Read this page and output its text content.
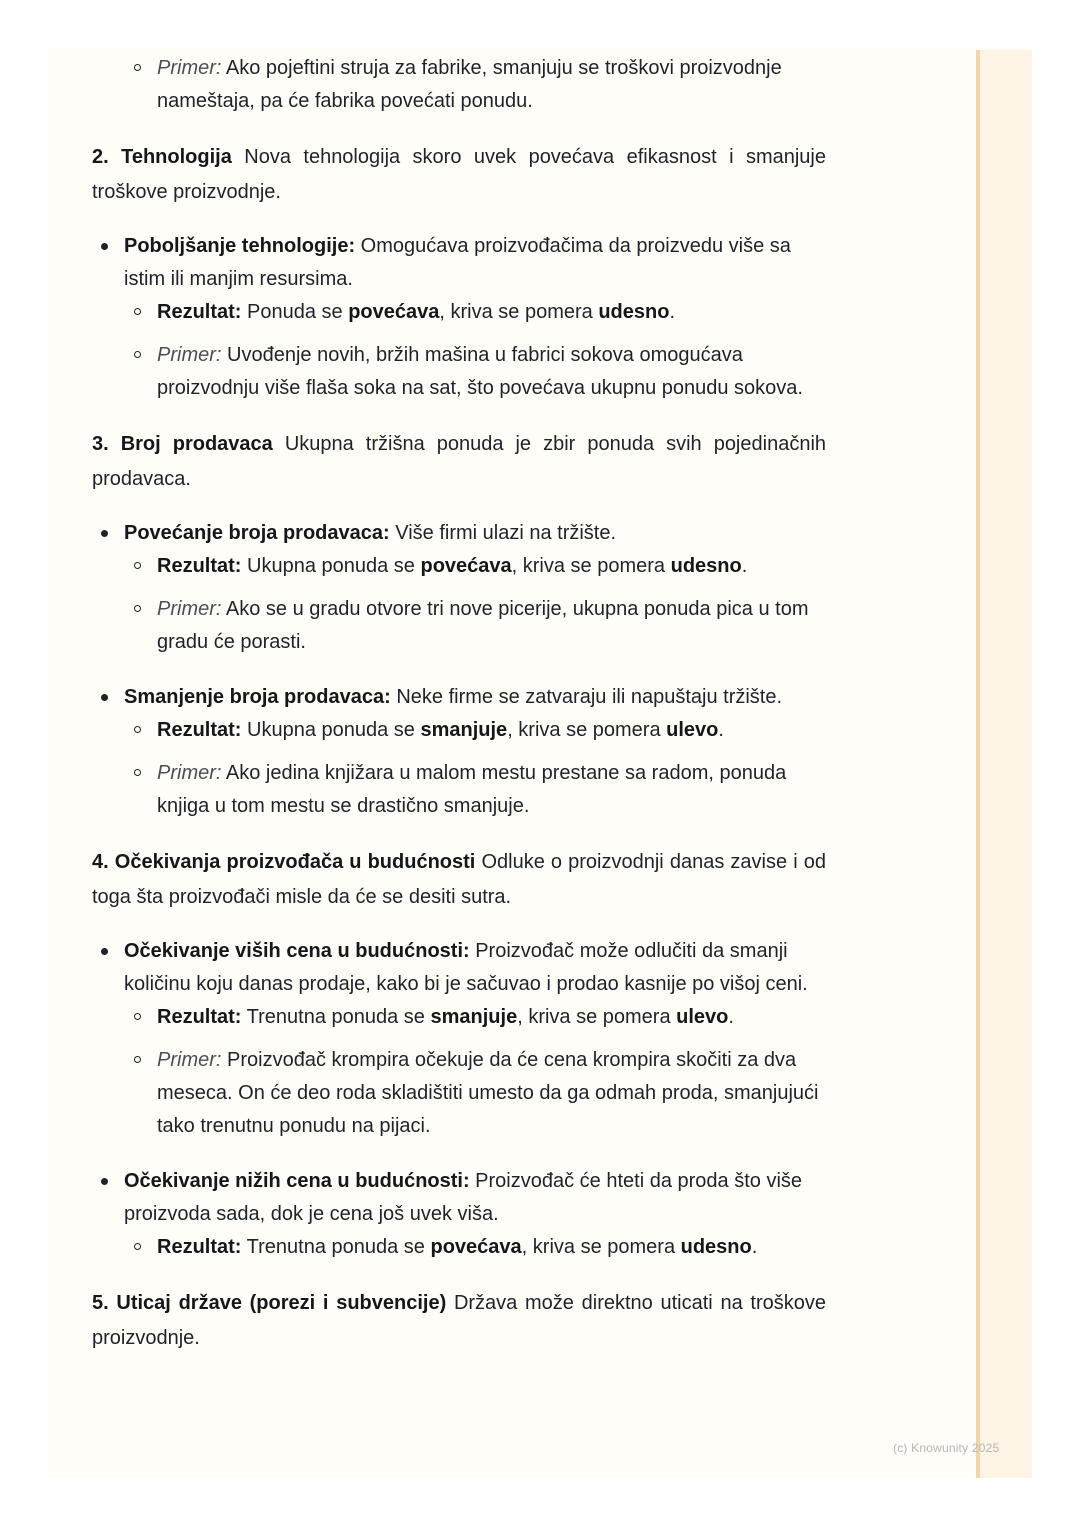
Primer: Ako pojeftini struja za fabrike, smanjuju se troškovi proizvodnje nameštaja, pa će fabrika povećati ponudu.

2. Tehnologija Nova tehnologija skoro uvek povećava efikasnost i smanjuje troškove proizvodnje.

Poboljšanje tehnologije: Omogućava proizvođačima da proizvedu više sa istim ili manjim resursima.
Rezultat: Ponuda se povećava, kriva se pomera udesno.
Primer: Uvođenje novih, bržih mašina u fabrici sokova omogućava proizvodnju više flaša soka na sat, što povećava ukupnu ponudu sokova.

3. Broj prodavaca Ukupna tržišna ponuda je zbir ponuda svih pojedinačnih prodavaca.

Povećanje broja prodavaca: Više firmi ulazi na tržište.
Rezultat: Ukupna ponuda se povećava, kriva se pomera udesno.
Primer: Ako se u gradu otvore tri nove picerije, ukupna ponuda pica u tom gradu će porasti.
Smanjenje broja prodavaca: Neke firme se zatvaraju ili napuštaju tržište.
Rezultat: Ukupna ponuda se smanjuje, kriva se pomera ulevo.
Primer: Ako jedina knjižara u malom mestu prestane sa radom, ponuda knjiga u tom mestu se drastično smanjuje.

4. Očekivanja proizvođača u budućnosti Odluke o proizvodnji danas zavise i od toga šta proizvođači misle da će se desiti sutra.

Očekivanje viših cena u budućnosti: Proizvođač može odlučiti da smanji količinu koju danas prodaje, kako bi je sačuvao i prodao kasnije po višoj ceni.
Rezultat: Trenutna ponuda se smanjuje, kriva se pomera ulevo.
Primer: Proizvođač krompira očekuje da će cena krompira skočiti za dva meseca. On će deo roda skladištiti umesto da ga odmah proda, smanjujući tako trenutnu ponudu na pijaci.
Očekivanje nižih cena u budućnosti: Proizvođač će hteti da proda što više proizvoda sada, dok je cena još uvek viša.
Rezultat: Trenutna ponuda se povećava, kriva se pomera udesno.

5. Uticaj države (porezi i subvencije) Država može direktno uticati na troškove proizvodnje.

(c) Knowunity 2025
